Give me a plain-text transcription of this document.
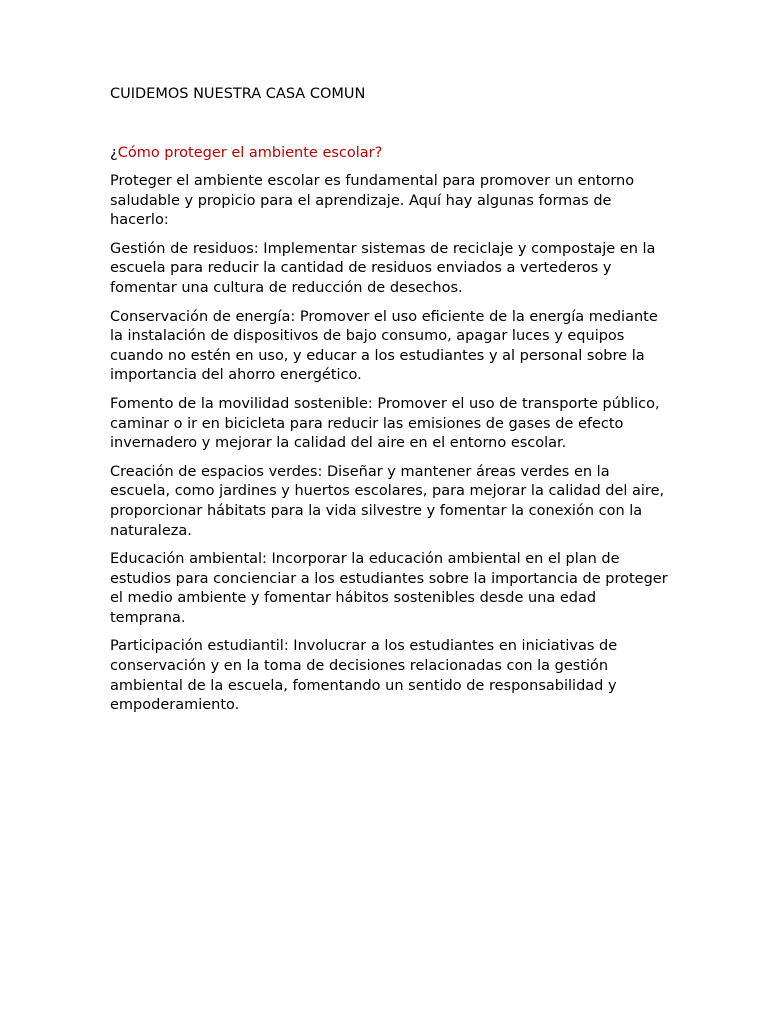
CUIDEMOS NUESTRA CASA COMUN
¿Cómo proteger el ambiente escolar?

Proteger el ambiente escolar es fundamental para promover un entorno saludable y propicio para el aprendizaje. Aquí hay algunas formas de hacerlo:

Gestión de residuos: Implementar sistemas de reciclaje y compostaje en la escuela para reducir la cantidad de residuos enviados a vertederos y fomentar una cultura de reducción de desechos.

Conservación de energía: Promover el uso eficiente de la energía mediante la instalación de dispositivos de bajo consumo, apagar luces y equipos cuando no estén en uso, y educar a los estudiantes y al personal sobre la importancia del ahorro energético.

Fomento de la movilidad sostenible: Promover el uso de transporte público, caminar o ir en bicicleta para reducir las emisiones de gases de efecto invernadero y mejorar la calidad del aire en el entorno escolar.

Creación de espacios verdes: Diseñar y mantener áreas verdes en la escuela, como jardines y huertos escolares, para mejorar la calidad del aire, proporcionar hábitats para la vida silvestre y fomentar la conexión con la naturaleza.

Educación ambiental: Incorporar la educación ambiental en el plan de estudios para concienciar a los estudiantes sobre la importancia de proteger el medio ambiente y fomentar hábitos sostenibles desde una edad temprana.

Participación estudiantil: Involucrar a los estudiantes en iniciativas de conservación y en la toma de decisiones relacionadas con la gestión ambiental de la escuela, fomentando un sentido de responsabilidad y empoderamiento.
